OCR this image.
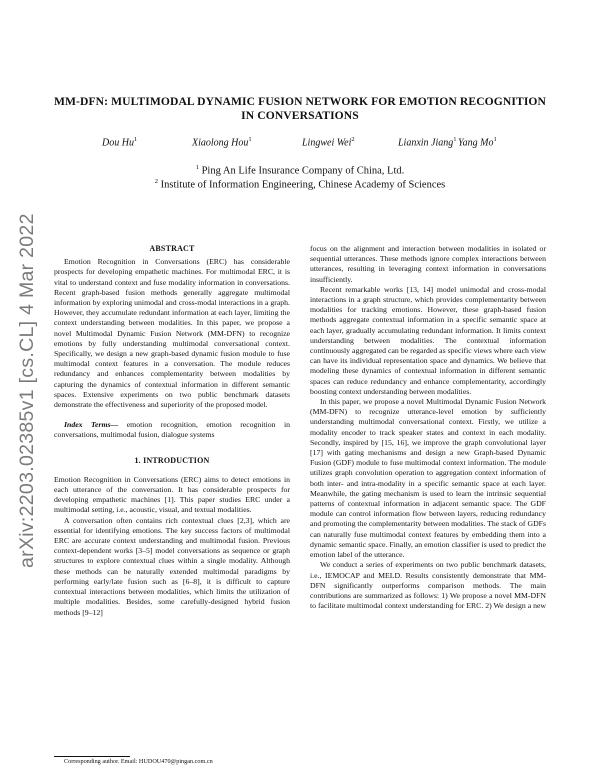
arXiv:2203.02385v1 [cs.CL] 4 Mar 2022
MM-DFN: MULTIMODAL DYNAMIC FUSION NETWORK FOR EMOTION RECOGNITION
IN CONVERSATIONS
Dou Hu$^1$	Xiaolong Hou$^1$	Lingwei Wei$^2$	Lianxin Jiang$^1$ Yang Mo$^1$
$^1$ Ping An Life Insurance Company of China, Ltd.
$^2$ Institute of Information Engineering, Chinese Academy of Sciences
ABSTRACT

Emotion Recognition in Conversations (ERC) has considerable prospects for developing empathetic machines. For multimodal ERC, it is vital to understand context and fuse modality information in conversations. Recent graph-based fusion methods generally aggregate multimodal information by exploring unimodal and cross-modal interactions in a graph. However, they accumulate redundant information at each layer, limiting the context understanding between modalities. In this paper, we propose a novel Multimodal Dynamic Fusion Network (MM-DFN) to recognize emotions by fully understanding multimodal conversational context. Specifically, we design a new graph-based dynamic fusion module to fuse multimodal context features in a conversation. The module reduces redundancy and enhances complementarity between modalities by capturing the dynamics of contextual information in different semantic spaces. Extensive experiments on two public benchmark datasets demonstrate the effectiveness and superiority of the proposed model.

Index Terms— emotion recognition, emotion recognition in conversations, multimodal fusion, dialogue systems

1. INTRODUCTION

Emotion Recognition in Conversations (ERC) aims to detect emotions in each utterance of the conversation. It has considerable prospects for developing empathetic machines [1]. This paper studies ERC under a multimodal setting, i.e., acoustic, visual, and textual modalities.

A conversation often contains rich contextual clues [2,3], which are essential for identifying emotions. The key success factors of multimodal ERC are accurate context understanding and multimodal fusion. Previous context-dependent works [3–5] model conversations as sequence or graph structures to explore contextual clues within a single modality. Although these methods can be naturally extended multimodal paradigms by performing early/late fusion such as [6–8], it is difficult to capture contextual interactions between modalities, which limits the utilization of multiple modalities. Besides, some carefully-designed hybrid fusion methods [9–12]

focus on the alignment and interaction between modalities in isolated or sequential utterances. These methods ignore complex interactions between utterances, resulting in leveraging context information in conversations insufficiently.

Recent remarkable works [13, 14] model unimodal and cross-modal interactions in a graph structure, which provides complementarity between modalities for tracking emotions. However, these graph-based fusion methods aggregate contextual information in a specific semantic space at each layer, gradually accumulating redundant information. It limits context understanding between modalities. The contextual information continuously aggregated can be regarded as specific views where each view can have its individual representation space and dynamics. We believe that modeling these dynamics of contextual information in different semantic spaces can reduce redundancy and enhance complementarity, accordingly boosting context understanding between modalities.

In this paper, we propose a novel Multimodal Dynamic Fusion Network (MM-DFN) to recognize utterance-level emotion by sufficiently understanding multimodal conversational context. Firstly, we utilize a modality encoder to track speaker states and context in each modality. Secondly, inspired by [15, 16], we improve the graph convolutional layer [17] with gating mechanisms and design a new Graph-based Dynamic Fusion (GDF) module to fuse multimodal context information. The module utilizes graph convolution operation to aggregation context information of both inter- and intra-modality in a specific semantic space at each layer. Meanwhile, the gating mechanism is used to learn the intrinsic sequential patterns of contextual information in adjacent semantic space. The GDF module can control information flow between layers, reducing redundancy and promoting the complementarity between modalities. The stack of GDFs can naturally fuse multimodal context features by embedding them into a dynamic semantic space. Finally, an emotion classifier is used to predict the emotion label of the utterance.

We conduct a series of experiments on two public benchmark datasets, i.e., IEMOCAP and MELD. Results consistently demonstrate that MM-DFN significantly outperforms comparison methods. The main contributions are summarized as follows: 1) We propose a novel MM-DFN to facilitate multimodal context understanding for ERC. 2) We design a new

Corresponding author. Email: HUDOU470@pingan.com.cn
